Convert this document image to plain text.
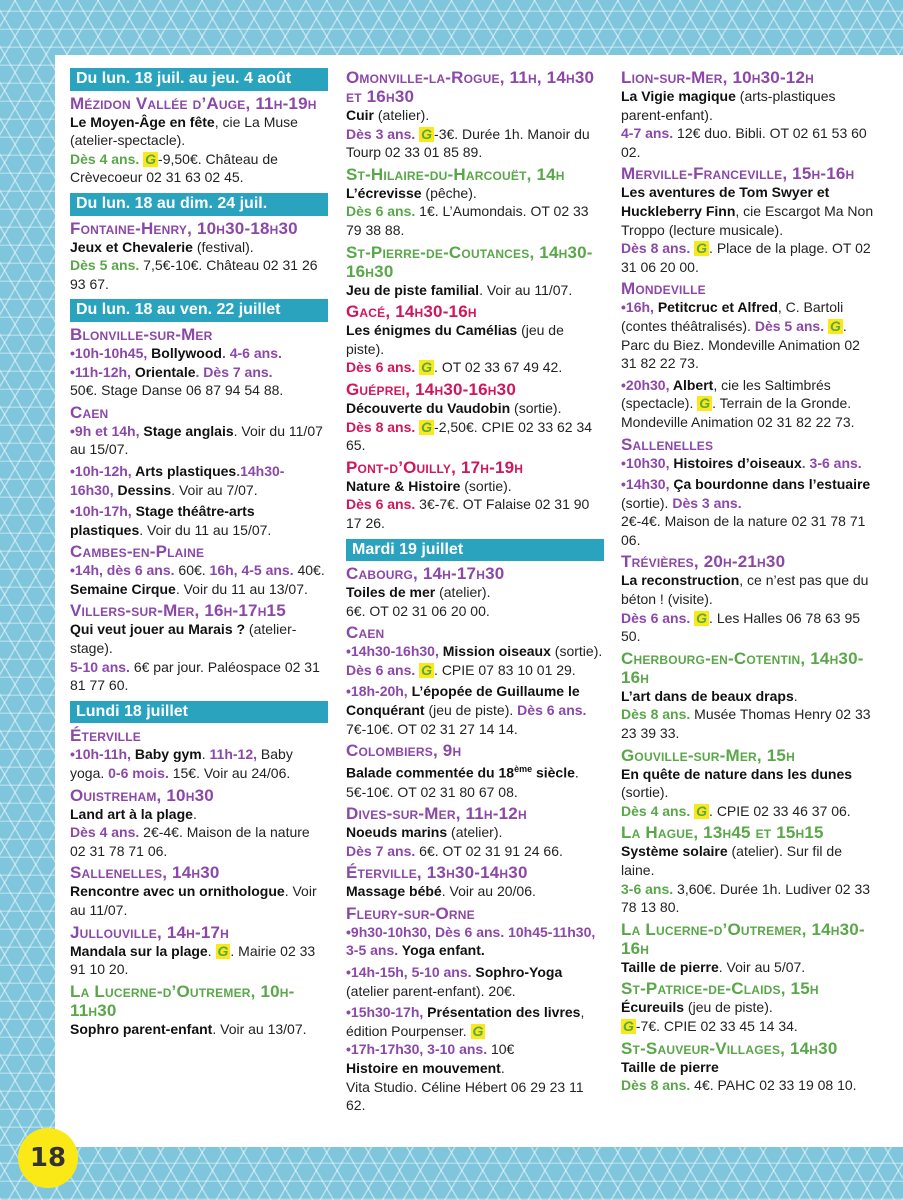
Du lun. 18 juil. au jeu. 4 août
Mézidon Vallée d’Auge, 11h-19h

Le Moyen-Âge en fête, cie La Muse (atelier-spectacle).
Dès 4 ans. G -9,50€. Château de Crèvecoeur 02 31 63 02 45.

Du lun. 18 au dim. 24 juil.
Fontaine-Henry, 10h30-18h30

Jeux et Chevalerie (festival).
Dès 5 ans. 7,5€-10€. Château 02 31 26 93 67.

Du lun. 18 au ven. 22 juillet
Blonville-sur-Mer

•10h-10h45, Bollywood. 4-6 ans.
•11h-12h, Orientale. Dès 7 ans.
50€. Stage Danse 06 87 94 54 88.

Caen

•9h et 14h, Stage anglais. Voir du 11/07 au 15/07.

•10h-12h, Arts plastiques.14h30-16h30, Dessins. Voir au 7/07.

•10h-17h, Stage théâtre-arts plastiques. Voir du 11 au 15/07.

Cambes-en-Plaine

•14h, dès 6 ans. 60€. 16h, 4-5 ans. 40€. Semaine Cirque. Voir du 11 au 13/07.

Villers-sur-Mer, 16h-17h15

Qui veut jouer au Marais ? (atelier-stage).
5-10 ans. 6€ par jour. Paléospace 02 31 81 77 60.

Lundi 18 juillet
Éterville

•10h-11h, Baby gym. 11h-12, Baby yoga. 0-6 mois. 15€. Voir au 24/06.

Ouistreham, 10h30

Land art à la plage.
Dès 4 ans. 2€-4€. Maison de la nature 02 31 78 71 06.

Sallenelles, 14h30

Rencontre avec un ornithologue. Voir au 11/07.

Jullouville, 14h-17h

Mandala sur la plage. G . Mairie 02 33 91 10 20.

La Lucerne-d’Outremer, 10h-11h30

Sophro parent-enfant. Voir au 13/07.

Omonville-la-Rogue, 11h, 14h30 et 16h30

Cuir (atelier).
Dès 3 ans. G -3€. Durée 1h. Manoir du Tourp 02 33 01 85 89.

St-Hilaire-du-Harcouët, 14h

L’écrevisse (pêche).
Dès 6 ans. 1€. L’Aumondais. OT 02 33 79 38 88.

St-Pierre-de-Coutances, 14h30-16h30

Jeu de piste familial. Voir au 11/07.

Gacé, 14h30-16h

Les énigmes du Camélias (jeu de piste).
Dès 6 ans. G . OT 02 33 67 49 42.

Guéprei, 14h30-16h30

Découverte du Vaudobin (sortie).
Dès 8 ans. G -2,50€. CPIE 02 33 62 34 65.

Pont-d’Ouilly, 17h-19h

Nature & Histoire (sortie).
Dès 6 ans. 3€-7€. OT Falaise 02 31 90 17 26.

Mardi 19 juillet
Cabourg, 14h-17h30

Toiles de mer (atelier).
6€. OT 02 31 06 20 00.

Caen

•14h30-16h30, Mission oiseaux (sortie). Dès 6 ans. G . CPIE 07 83 10 01 29.

•18h-20h, L’épopée de Guillaume le Conquérant (jeu de piste). Dès 6 ans. 7€-10€. OT 02 31 27 14 14.

Colombiers, 9h

Balade commentée du 18ème siècle.
5€-10€. OT 02 31 80 67 08.

Dives-sur-Mer, 11h-12h

Noeuds marins (atelier).
Dès 7 ans. 6€. OT 02 31 91 24 66.

Éterville, 13h30-14h30

Massage bébé. Voir au 20/06.

Fleury-sur-Orne

•9h30-10h30, Dès 6 ans. 10h45-11h30, 3-5 ans. Yoga enfant.

•14h-15h, 5-10 ans. Sophro-Yoga (atelier parent-enfant). 20€.

•15h30-17h, Présentation des livres, édition Pourpenser. G

•17h-17h30, 3-10 ans. 10€
Histoire en mouvement.
Vita Studio. Céline Hébert 06 29 23 11 62.

Lion-sur-Mer, 10h30-12h

La Vigie magique (arts-plastiques parent-enfant).
4-7 ans. 12€ duo. Bibli. OT 02 61 53 60 02.

Merville-Franceville, 15h-16h

Les aventures de Tom Swyer et Huckleberry Finn, cie Escargot Ma Non Troppo (lecture musicale).
Dès 8 ans. G . Place de la plage. OT 02 31 06 20 00.

Mondeville

•16h, Petitcruc et Alfred, C. Bartoli (contes théâtralisés). Dès 5 ans. G . Parc du Biez. Mondeville Animation 02 31 82 22 73.

•20h30, Albert, cie les Saltimbrés (spectacle). G . Terrain de la Gronde. Mondeville Animation 02 31 82 22 73.

Sallenelles

•10h30, Histoires d’oiseaux. 3-6 ans.

•14h30, Ça bourdonne dans l’estuaire (sortie). Dès 3 ans.
2€-4€. Maison de la nature 02 31 78 71 06.

Trévières, 20h-21h30

La reconstruction, ce n’est pas que du béton ! (visite).
Dès 6 ans. G . Les Halles 06 78 63 95 50.

Cherbourg-en-Cotentin, 14h30-16h

L’art dans de beaux draps.
Dès 8 ans. Musée Thomas Henry 02 33 23 39 33.

Gouville-sur-Mer, 15h

En quête de nature dans les dunes (sortie).
Dès 4 ans. G . CPIE 02 33 46 37 06.

La Hague, 13h45 et 15h15

Système solaire (atelier). Sur fil de laine.
3-6 ans. 3,60€. Durée 1h. Ludiver 02 33 78 13 80.

La Lucerne-d’Outremer, 14h30-16h

Taille de pierre. Voir au 5/07.

St-Patrice-de-Claids, 15h

Écureuils (jeu de piste).
G -7€. CPIE 02 33 45 14 34.

St-Sauveur-Villages, 14h30

Taille de pierre
Dès 8 ans. 4€. PAHC 02 33 19 08 10.

18
